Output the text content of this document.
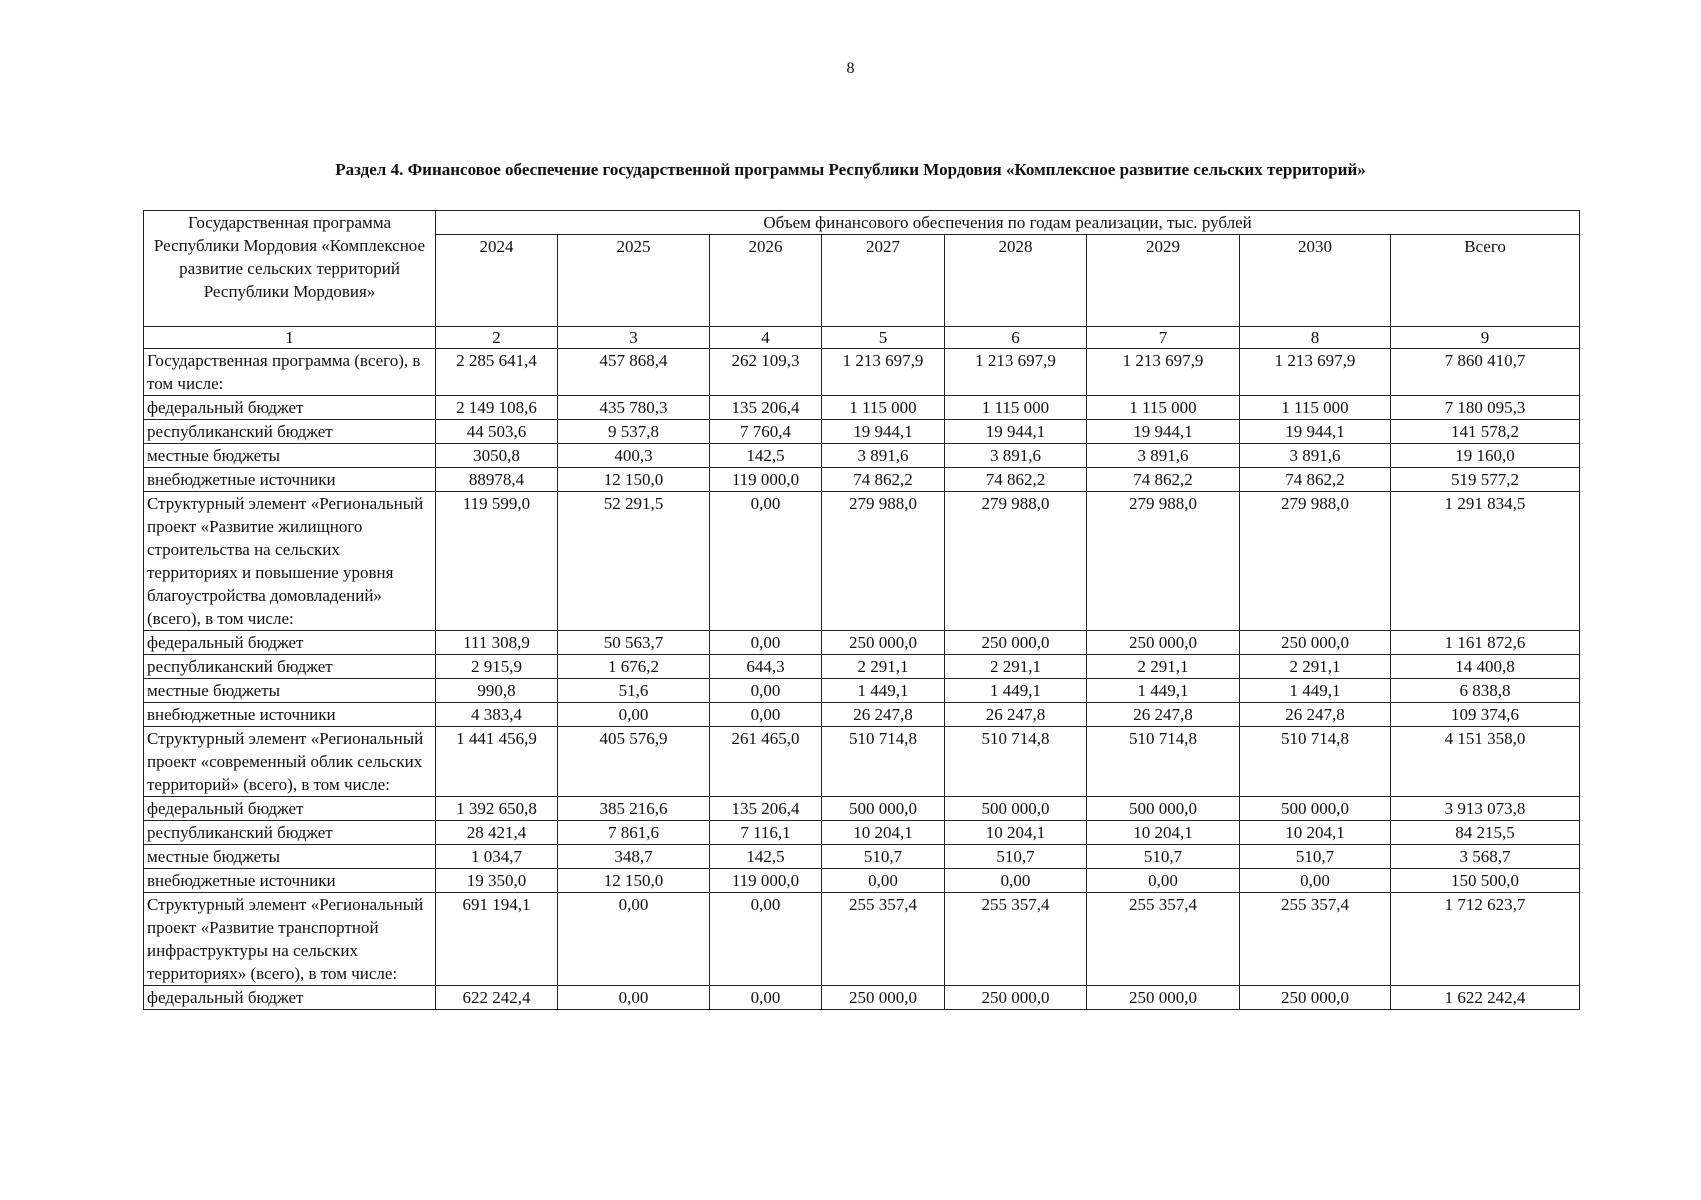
8
Раздел 4. Финансовое обеспечение государственной программы Республики Мордовия «Комплексное развитие сельских территорий»
Государственная программа Республики Мордовия «Комплексное развитие сельских территорий Республики Мордовия»	Объем финансового обеспечения по годам реализации, тыс. рублей							
	2024	2025	2026	2027	2028	2029	2030	Всего
1	2	3	4	5	6	7	8	9
Государственная программа (всего), в том числе:	2 285 641,4	457 868,4	262 109,3	1 213 697,9	1 213 697,9	1 213 697,9	1 213 697,9	7 860 410,7
федеральный бюджет	2 149 108,6	435 780,3	135 206,4	1 115 000	1 115 000	1 115 000	1 115 000	7 180 095,3
республиканский бюджет	44 503,6	9 537,8	7 760,4	19 944,1	19 944,1	19 944,1	19 944,1	141 578,2
местные бюджеты	3050,8	400,3	142,5	3 891,6	3 891,6	3 891,6	3 891,6	19 160,0
внебюджетные источники	88978,4	12 150,0	119 000,0	74 862,2	74 862,2	74 862,2	74 862,2	519 577,2
Структурный элемент «Региональный проект «Развитие жилищного строительства на сельских территориях и повышение уровня благоустройства домовладений» (всего), в том числе:	119 599,0	52 291,5	0,00	279 988,0	279 988,0	279 988,0	279 988,0	1 291 834,5
федеральный бюджет	111 308,9	50 563,7	0,00	250 000,0	250 000,0	250 000,0	250 000,0	1 161 872,6
республиканский бюджет	2 915,9	1 676,2	644,3	2 291,1	2 291,1	2 291,1	2 291,1	14 400,8
местные бюджеты	990,8	51,6	0,00	1 449,1	1 449,1	1 449,1	1 449,1	6 838,8
внебюджетные источники	4 383,4	0,00	0,00	26 247,8	26 247,8	26 247,8	26 247,8	109 374,6
Структурный элемент «Региональный проект «современный облик сельских территорий» (всего), в том числе:	1 441 456,9	405 576,9	261 465,0	510 714,8	510 714,8	510 714,8	510 714,8	4 151 358,0
федеральный бюджет	1 392 650,8	385 216,6	135 206,4	500 000,0	500 000,0	500 000,0	500 000,0	3 913 073,8
республиканский бюджет	28 421,4	7 861,6	7 116,1	10 204,1	10 204,1	10 204,1	10 204,1	84 215,5
местные бюджеты	1 034,7	348,7	142,5	510,7	510,7	510,7	510,7	3 568,7
внебюджетные источники	19 350,0	12 150,0	119 000,0	0,00	0,00	0,00	0,00	150 500,0
Структурный элемент «Региональный проект «Развитие транспортной инфраструктуры на сельских территориях» (всего), в том числе:	691 194,1	0,00	0,00	255 357,4	255 357,4	255 357,4	255 357,4	1 712 623,7
федеральный бюджет	622 242,4	0,00	0,00	250 000,0	250 000,0	250 000,0	250 000,0	1 622 242,4
